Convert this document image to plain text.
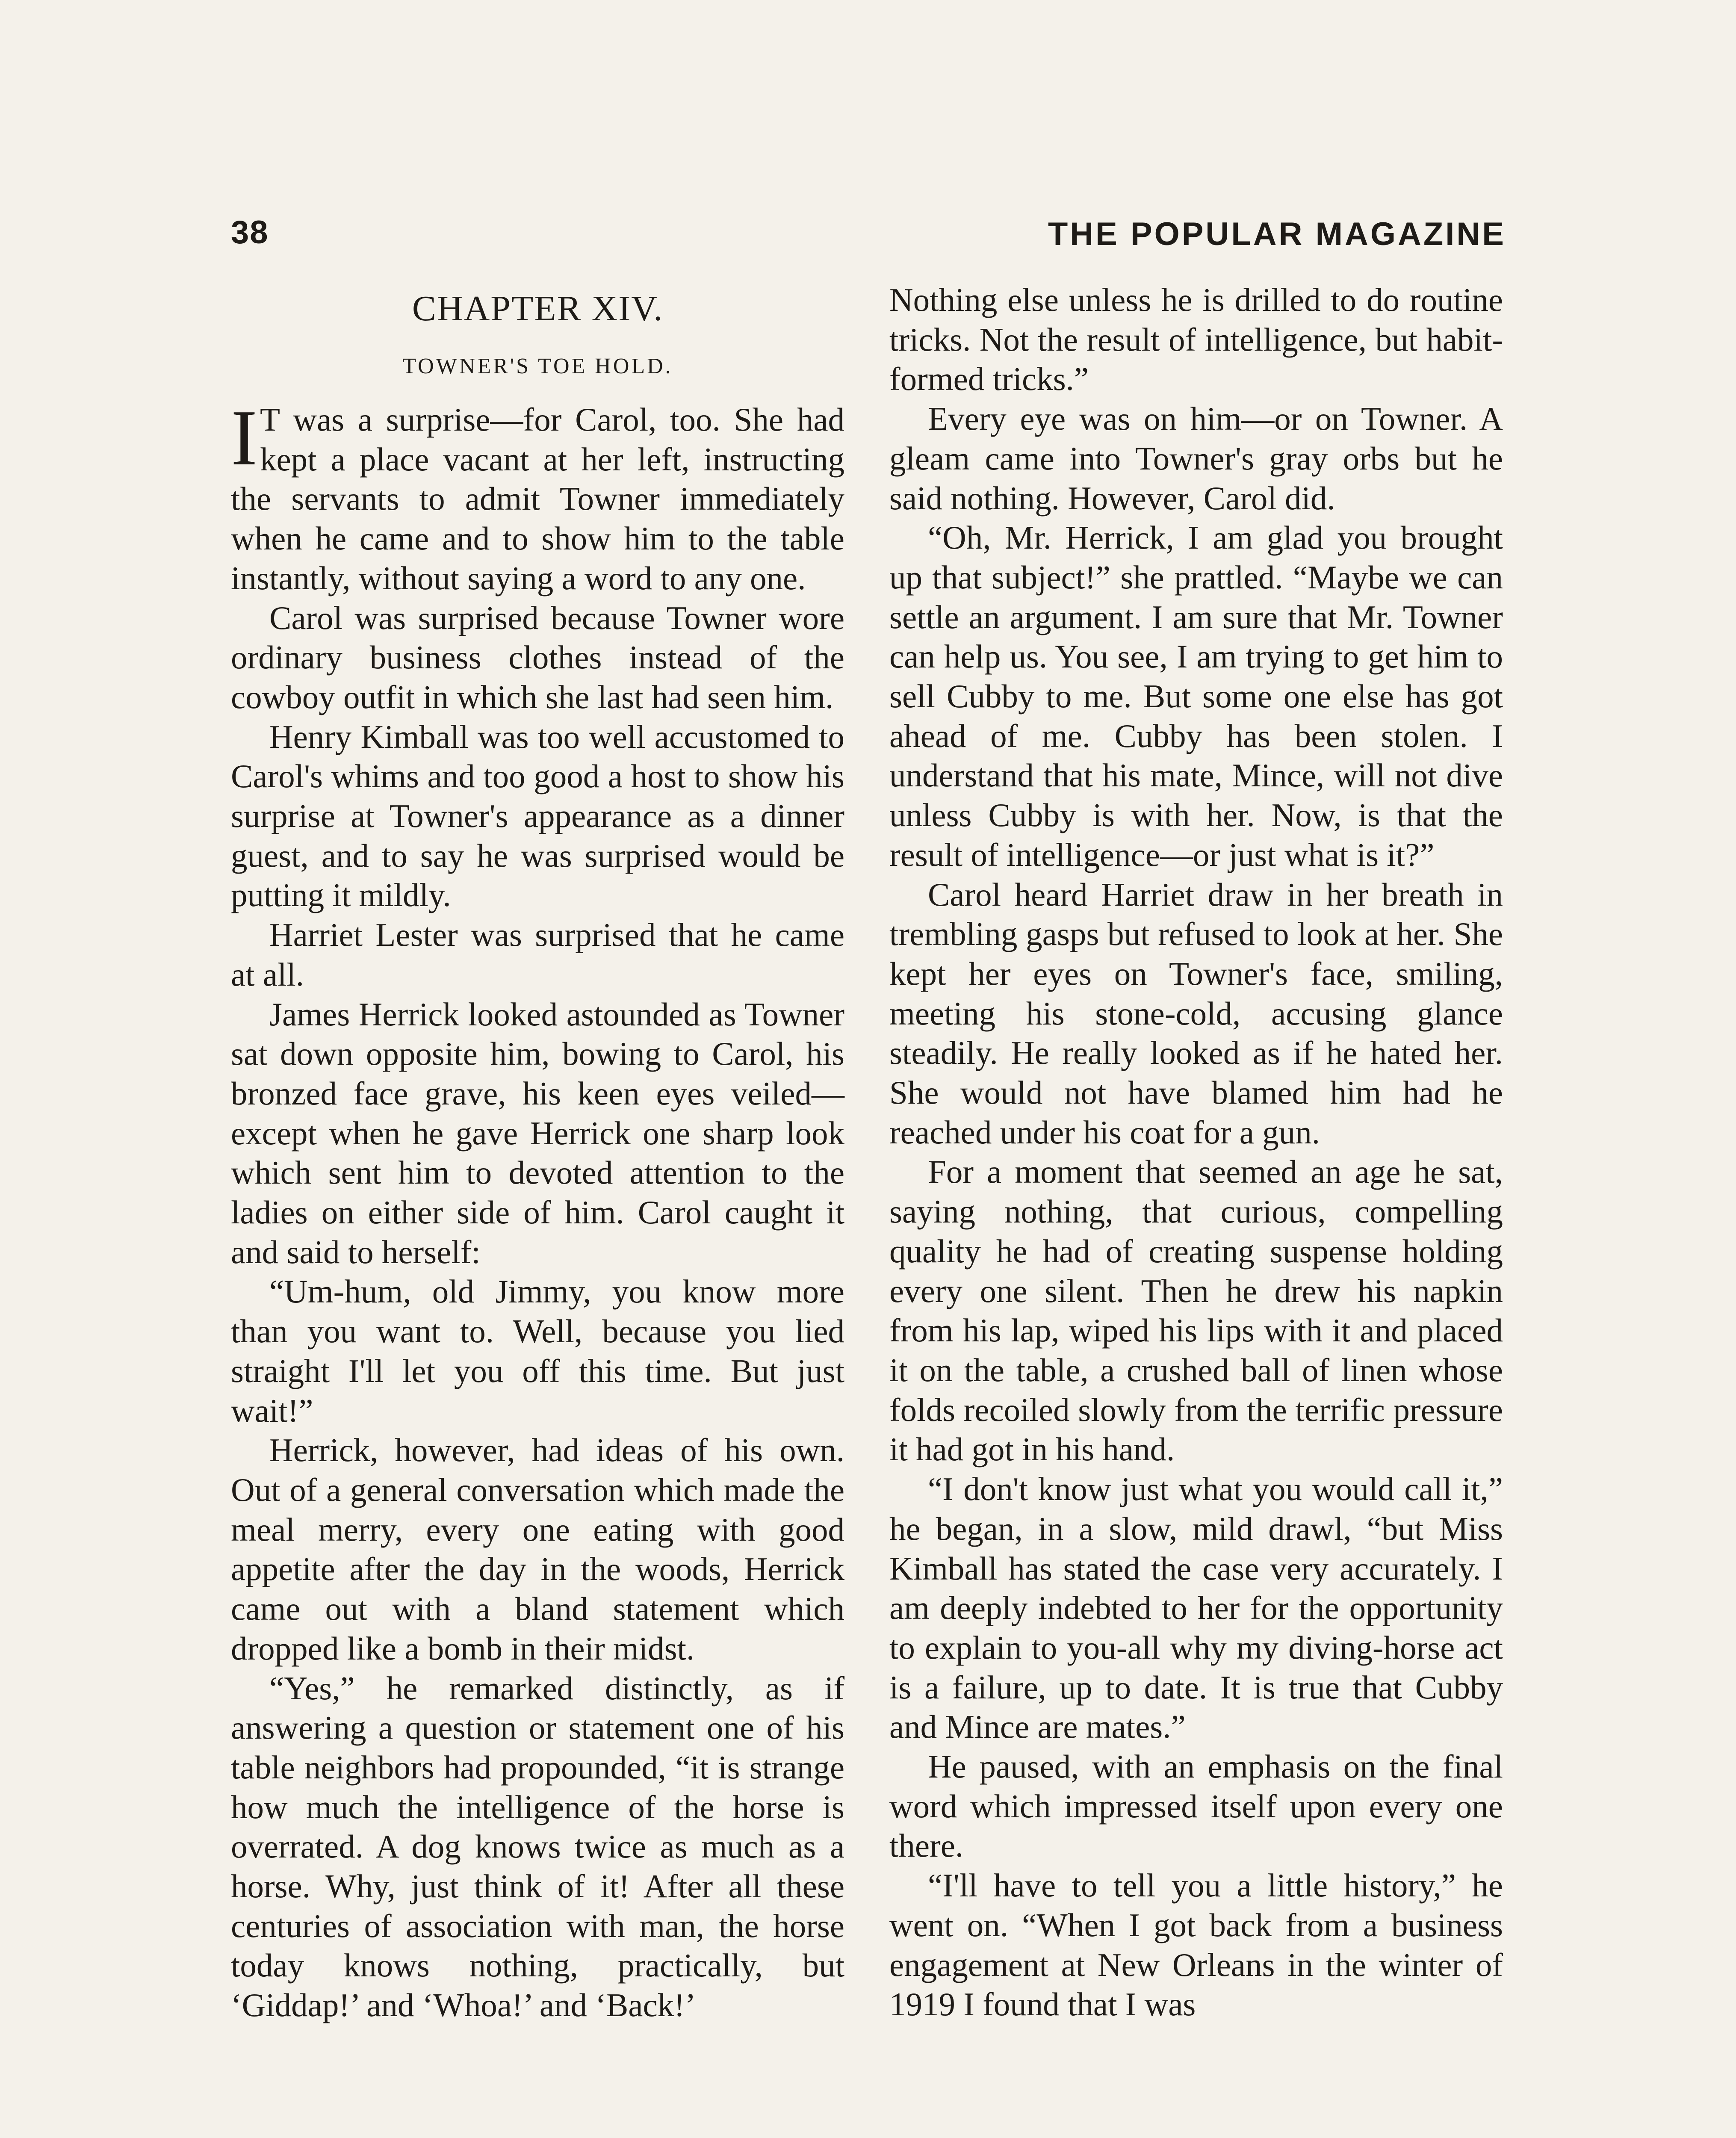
38	THE POPULAR MAGAZINE
CHAPTER XIV.
TOWNER'S TOE HOLD.

I T was a surprise—for Carol, too. She had kept a place vacant at her left, instructing the servants to admit Towner immediately when he came and to show him to the table instantly, without saying a word to any one.

Carol was surprised because Towner wore ordinary business clothes instead of the cowboy outfit in which she last had seen him.

Henry Kimball was too well accustomed to Carol's whims and too good a host to show his surprise at Towner's appearance as a dinner guest, and to say he was surprised would be putting it mildly.

Harriet Lester was surprised that he came at all.

James Herrick looked astounded as Towner sat down opposite him, bowing to Carol, his bronzed face grave, his keen eyes veiled—except when he gave Herrick one sharp look which sent him to devoted attention to the ladies on either side of him. Carol caught it and said to herself:

“Um-hum, old Jimmy, you know more than you want to. Well, because you lied straight I'll let you off this time. But just wait!”

Herrick, however, had ideas of his own. Out of a general conversation which made the meal merry, every one eating with good appetite after the day in the woods, Herrick came out with a bland statement which dropped like a bomb in their midst.

“Yes,” he remarked distinctly, as if answering a question or statement one of his table neighbors had propounded, “it is strange how much the intelligence of the horse is overrated. A dog knows twice as much as a horse. Why, just think of it! After all these centuries of association with man, the horse today knows nothing, practically, but ‘Giddap!’ and ‘Whoa!’ and ‘Back!’

Nothing else unless he is drilled to do routine tricks. Not the result of intelligence, but habit-formed tricks.”

Every eye was on him—or on Towner. A gleam came into Towner's gray orbs but he said nothing. However, Carol did.

“Oh, Mr. Herrick, I am glad you brought up that subject!” she prattled. “Maybe we can settle an argument. I am sure that Mr. Towner can help us. You see, I am trying to get him to sell Cubby to me. But some one else has got ahead of me. Cubby has been stolen. I understand that his mate, Mince, will not dive unless Cubby is with her. Now, is that the result of intelligence—or just what is it?”

Carol heard Harriet draw in her breath in trembling gasps but refused to look at her. She kept her eyes on Towner's face, smiling, meeting his stone-cold, accusing glance steadily. He really looked as if he hated her. She would not have blamed him had he reached under his coat for a gun.

For a moment that seemed an age he sat, saying nothing, that curious, compelling quality he had of creating suspense holding every one silent. Then he drew his napkin from his lap, wiped his lips with it and placed it on the table, a crushed ball of linen whose folds recoiled slowly from the terrific pressure it had got in his hand.

“I don't know just what you would call it,” he began, in a slow, mild drawl, “but Miss Kimball has stated the case very accurately. I am deeply indebted to her for the opportunity to explain to you-all why my diving-horse act is a failure, up to date. It is true that Cubby and Mince are mates.”

He paused, with an emphasis on the final word which impressed itself upon every one there.

“I'll have to tell you a little history,” he went on. “When I got back from a business engagement at New Orleans in the winter of 1919 I found that I was
